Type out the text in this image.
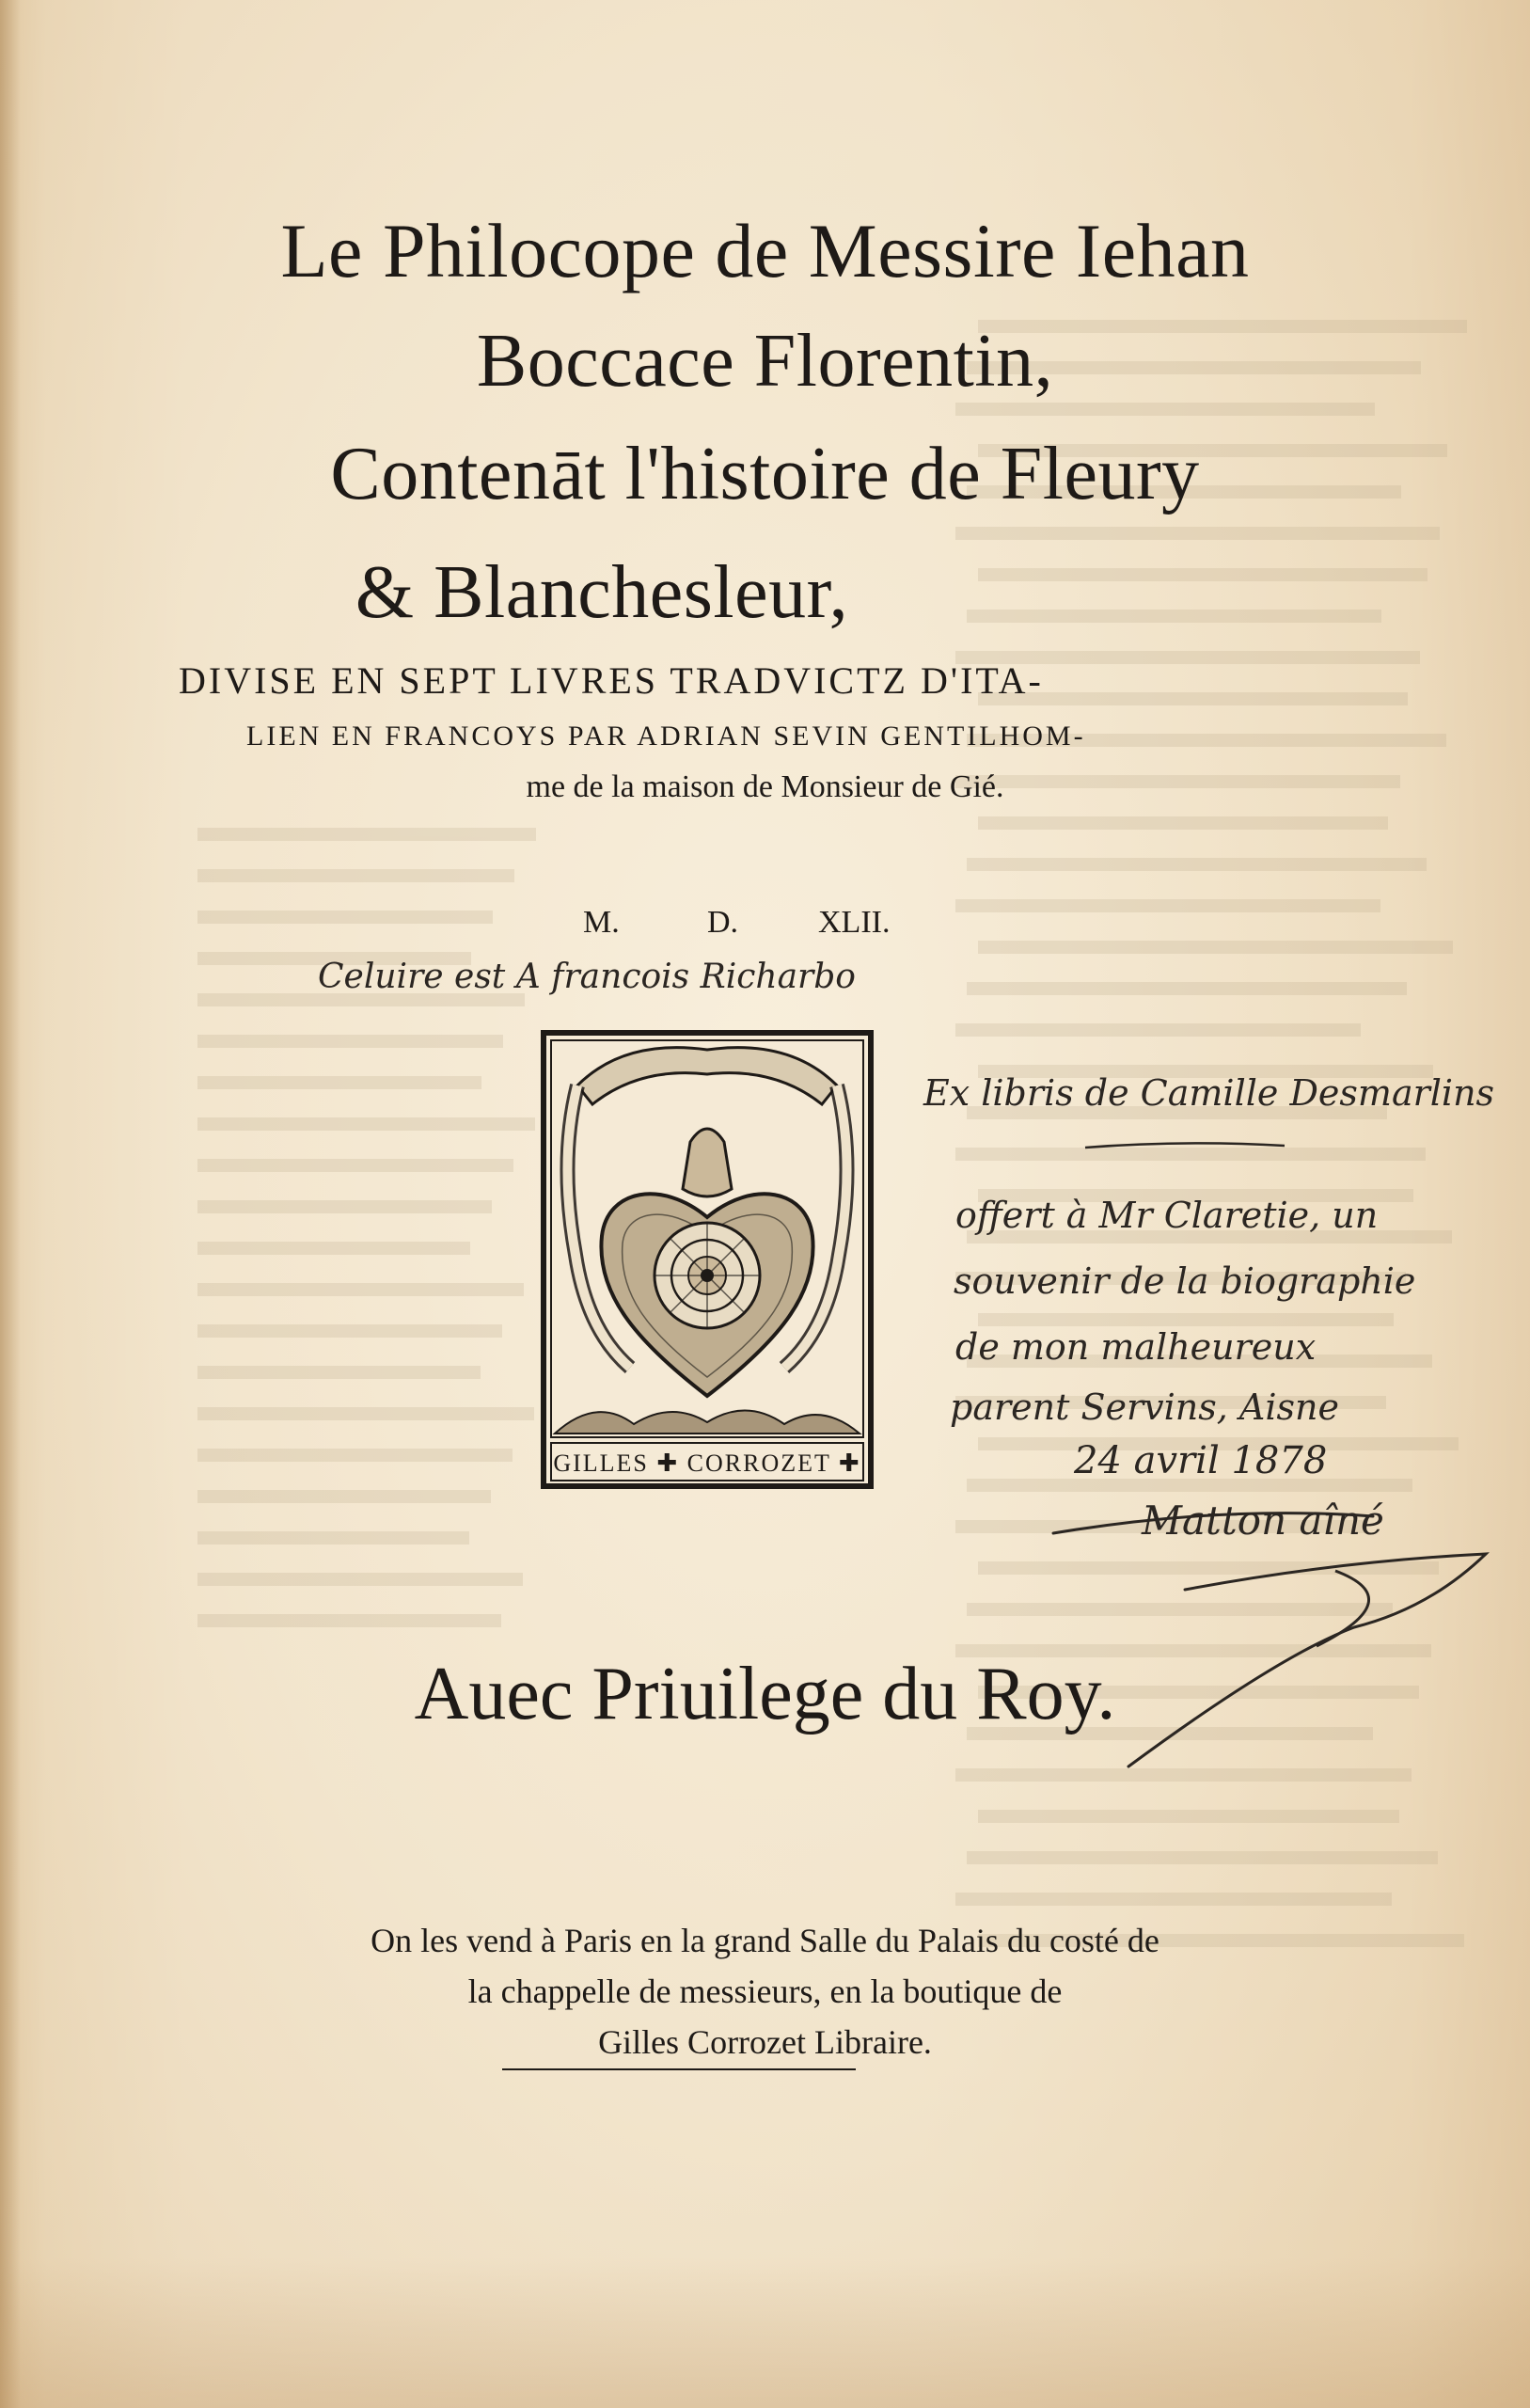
Le Philocope de Messire Iehan
Boccace Florentin,
Contenāt l'histoire de Fleury
& Blanchesleur,
DIVISE EN SEPT LIVRES TRADVICTZ D'ITA-
LIEN EN FRANCOYS PAR ADRIAN SEVIN GENTILHOM-
me de la maison de Monsieur de Gié.
M.	D. XLII.
Celuire est A francois Richarbo
GILLES ✚ CORROZET ✚
Ex libris de Camille Desmarlins
offert à Mr Claretie, un
souvenir de la biographie
de mon malheureux
parent Servins, Aisne
24 avril 1878
Matton aîné
Auec Priuilege du Roy.
On les vend à Paris en la grand Salle du Palais du costé de
la chappelle de messieurs, en la boutique de
Gilles Corrozet Libraire.
